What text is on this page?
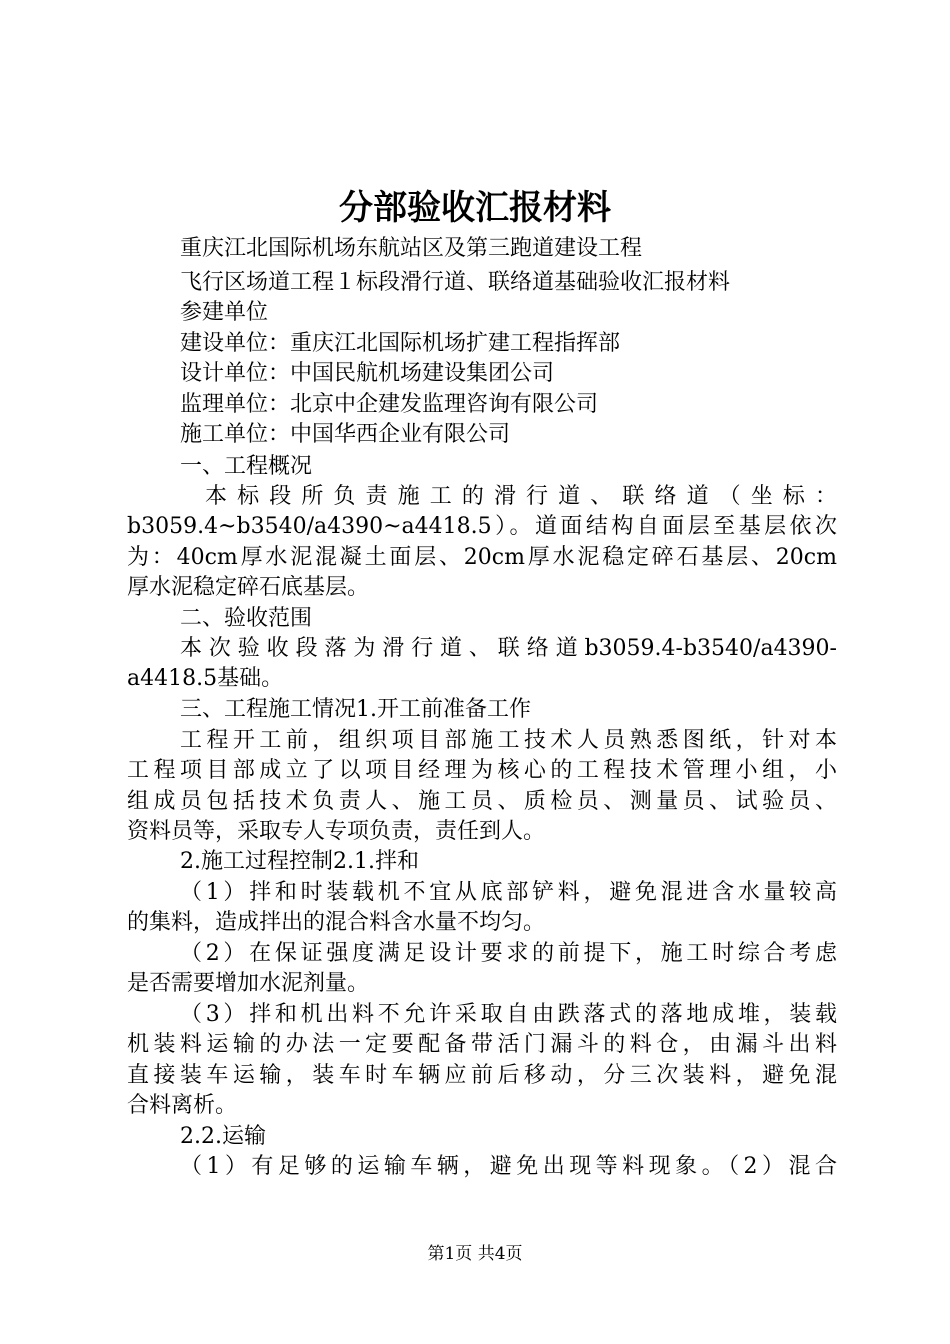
分部验收汇报材料
重庆江北国际机场东航站区及第三跑道建设工程
飞行区场道工程１标段滑行道、联络道基础验收汇报材料
参建单位
建设单位：重庆江北国际机场扩建工程指挥部
设计单位：中国民航机场建设集团公司
监理单位：北京中企建发监理咨询有限公司
施工单位：中国华西企业有限公司
一、工程概况
本标段所负责施工的滑行道、联络道（坐标：
b3059.4~b3540/a4390~a4418.5）。道面结构自面层至基层依次
为：40cm厚水泥混凝土面层、20cm厚水泥稳定碎石基层、20cm
厚水泥稳定碎石底基层。
二、验收范围
本次验收段落为滑行道、联络道b3059.4-b3540/a4390-
a4418.5基础。
三、工程施工情况1.开工前准备工作
工程开工前，组织项目部施工技术人员熟悉图纸，针对本
工程项目部成立了以项目经理为核心的工程技术管理小组，小
组成员包括技术负责人、施工员、质检员、测量员、试验员、
资料员等，采取专人专项负责，责任到人。
2.施工过程控制2.1.拌和
（1）拌和时装载机不宜从底部铲料，避免混进含水量较高
的集料，造成拌出的混合料含水量不均匀。
（2）在保证强度满足设计要求的前提下，施工时综合考虑
是否需要增加水泥剂量。
（3）拌和机出料不允许采取自由跌落式的落地成堆，装载
机装料运输的办法一定要配备带活门漏斗的料仓，由漏斗出料
直接装车运输，装车时车辆应前后移动，分三次装料，避免混
合料离析。
2.2.运输
（1）有足够的运输车辆，避免出现等料现象。（2）混合
第1页 共4页
